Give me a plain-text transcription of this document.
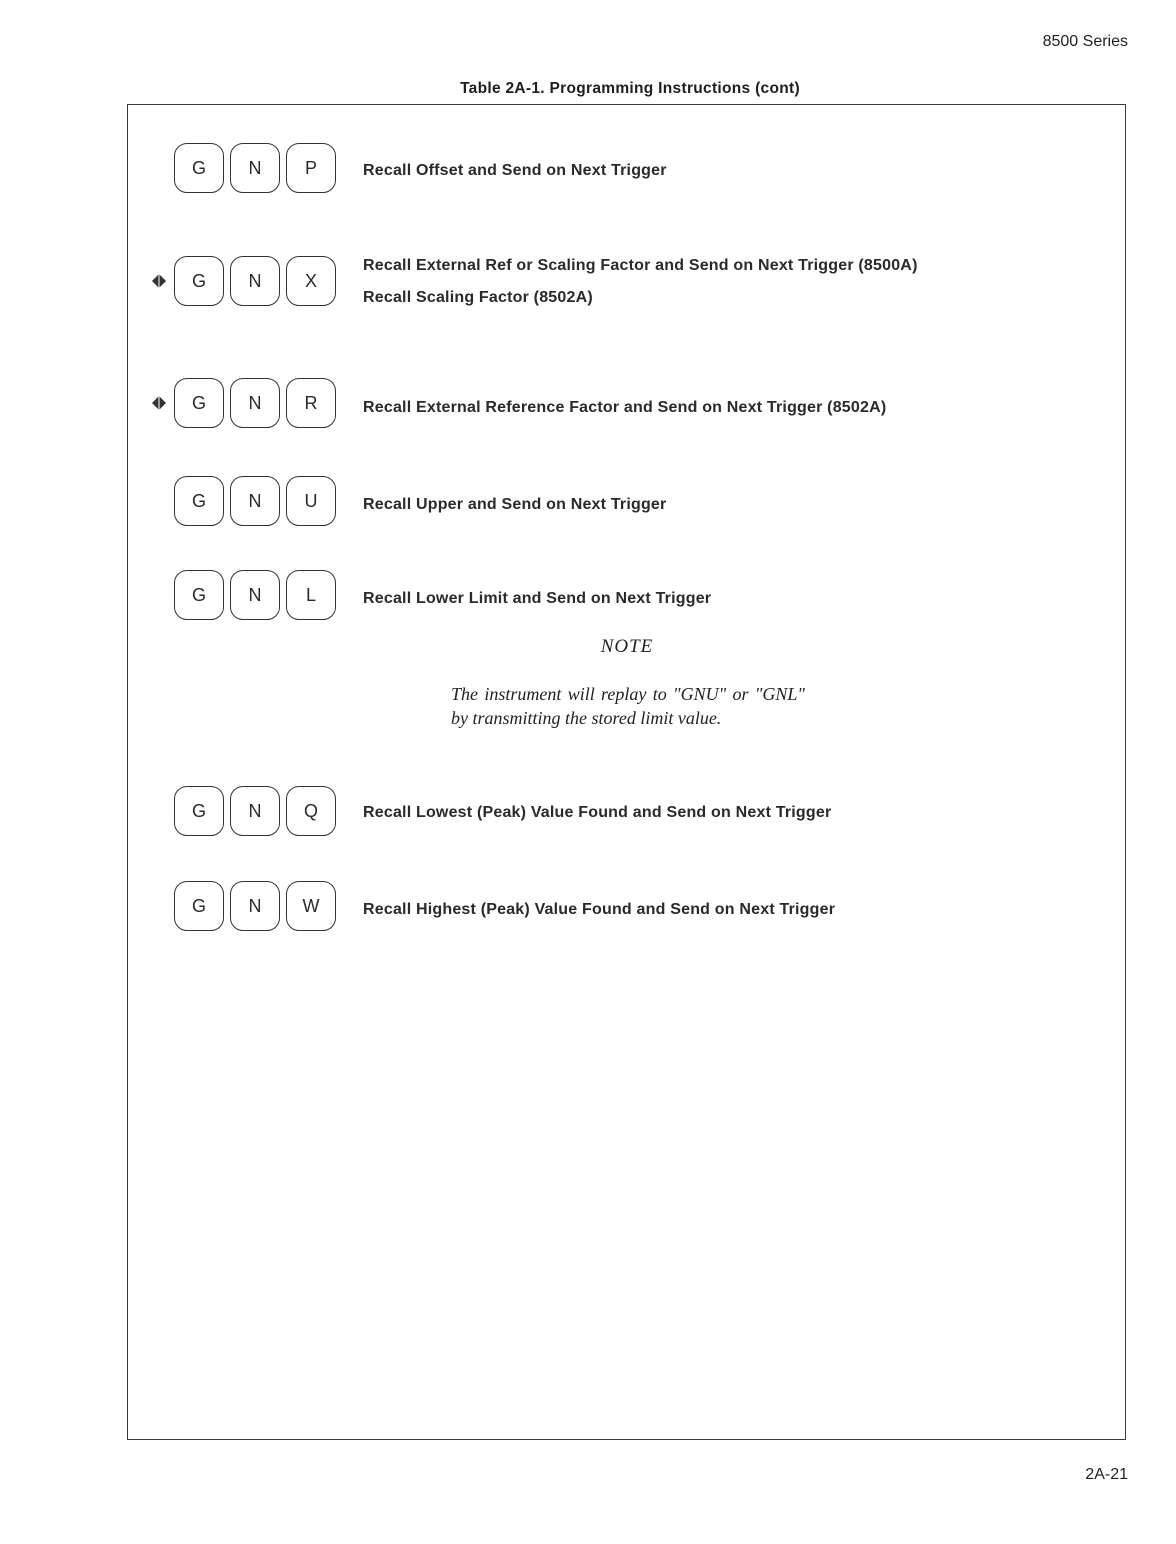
8500 Series
Table 2A-1. Programming Instructions (cont)
G	N	P	Recall Offset and Send on Next Trigger
G	N	X
Recall External Ref or Scaling Factor and Send on Next Trigger (8500A)
Recall Scaling Factor (8502A)
G	N	R	Recall External Reference Factor and Send on Next Trigger (8502A)
G	N	U	Recall Upper and Send on Next Trigger
G	N	L	Recall Lower Limit and Send on Next Trigger
NOTE
The instrument will replay to "GNU" or "GNL" by transmitting the stored limit value.
G	N	Q	Recall Lowest (Peak) Value Found and Send on Next Trigger
G	N	W	Recall Highest (Peak) Value Found and Send on Next Trigger
2A-21
